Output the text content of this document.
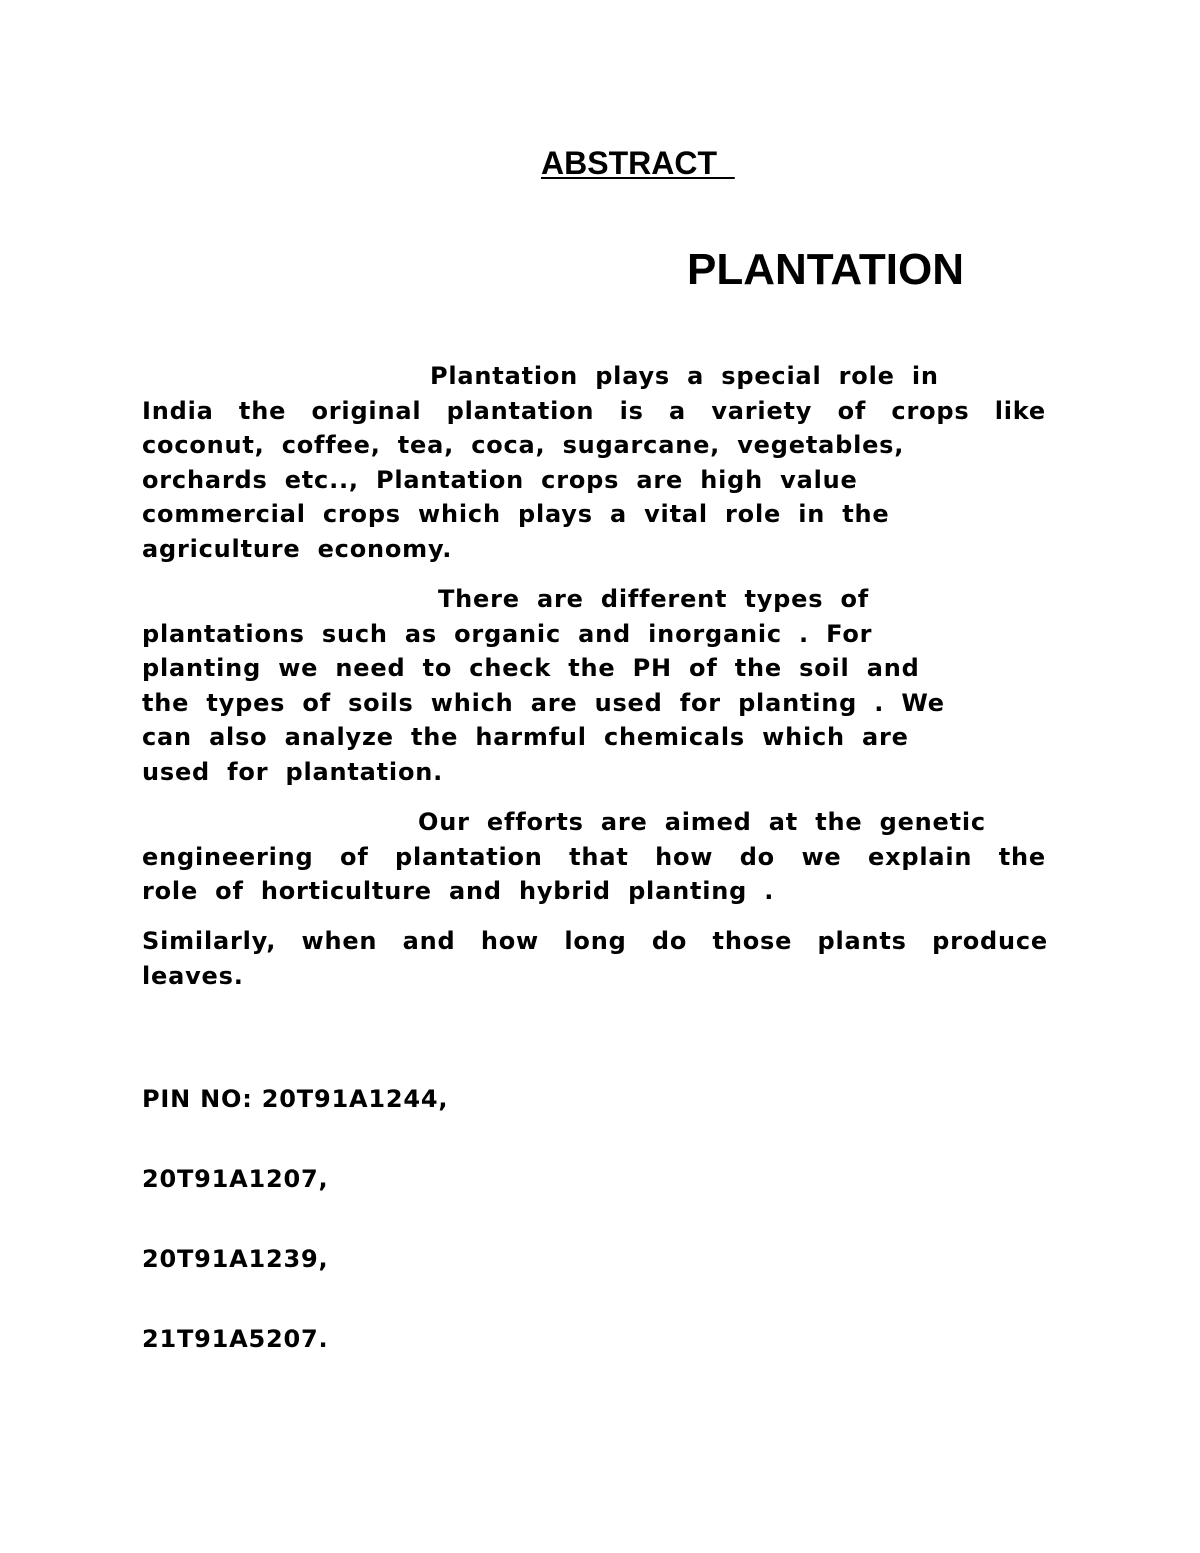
ABSTRACT
PLANTATION
Plantation plays a special role in
India the original plantation is a variety of crops like
coconut, coffee, tea, coca, sugarcane, vegetables,
orchards etc.., Plantation crops are high value
commercial crops which plays a vital role in the
agriculture economy.
There are different types of
plantations such as organic and inorganic . For
planting we need to check the PH of the soil and
the types of soils which are used for planting . We
can also analyze the harmful chemicals which are
used for plantation.
Our efforts are aimed at the genetic
engineering of plantation that how do we explain the
role of horticulture and hybrid planting .
Similarly, when and how long do those plants produce
leaves.
PIN NO: 20T91A1244,
20T91A1207,
20T91A1239,
21T91A5207.
